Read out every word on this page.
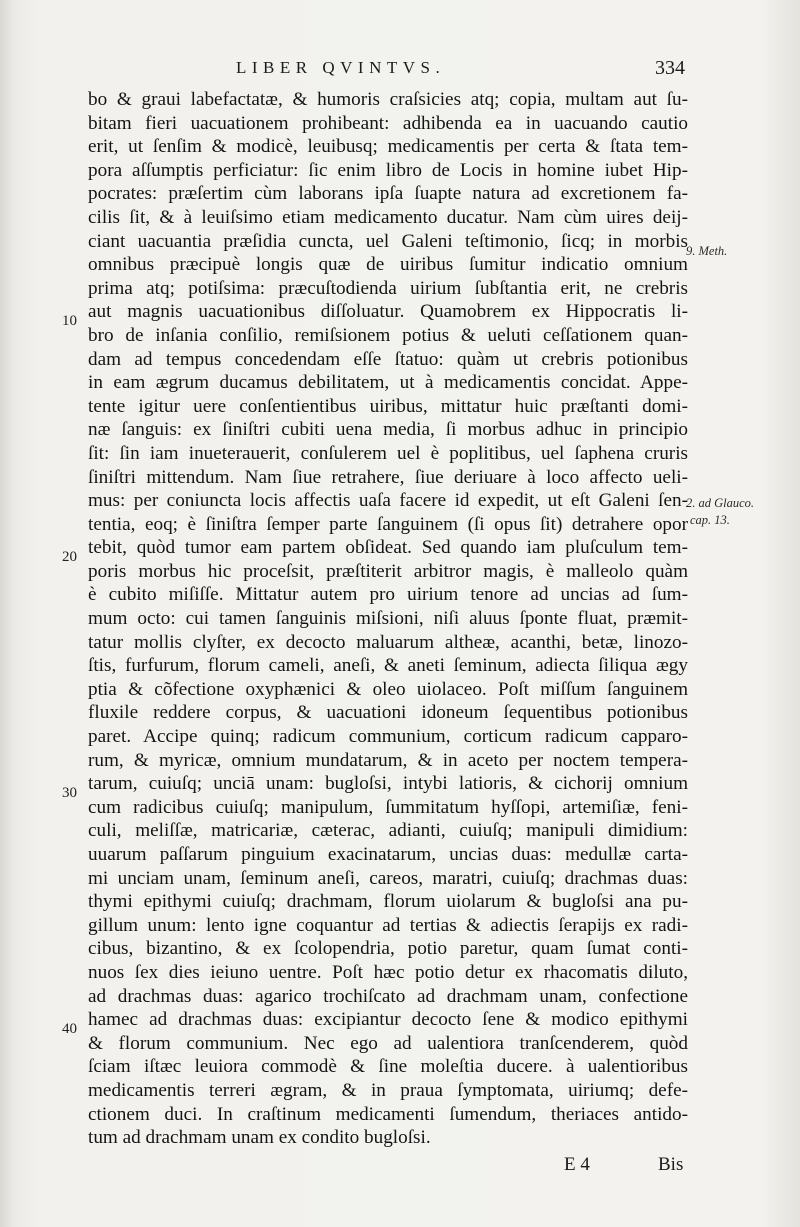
LIBER QVINTVS.	334
bo & graui labefactatæ, & humoris craſsicies atq; copia, multam aut ſu-
bitam fieri uacuationem prohibeant: adhibenda ea in uacuando cautio
erit, ut ſenſim & modicè, leuibusq; medicamentis per certa & ſtata tem-
pora aſſumptis perficiatur: ſic enim libro de Locis in homine iubet Hip-
pocrates: præſertim cùm laborans ipſa ſuapte natura ad excretionem fa-
cilis ſit, & à leuiſsimo etiam medicamento ducatur. Nam cùm uires deij-
ciant uacuantia præſidia cuncta, uel Galeni teſtimonio, ſicq; in morbis
omnibus præcipuè longis quæ de uiribus ſumitur indicatio omnium
prima atq; potiſsima: præcuſtodienda uirium ſubſtantia erit, ne crebris
aut magnis uacuationibus diſſoluatur. Quamobrem ex Hippocratis li-
bro de inſania conſilio, remiſsionem potius & ueluti ceſſationem quan-
dam ad tempus concedendam eſſe ſtatuo: quàm ut crebris potionibus
in eam ægrum ducamus debilitatem, ut à medicamentis concidat. Appe-
tente igitur uere conſentientibus uiribus, mittatur huic præſtanti domi-
næ ſanguis: ex ſiniſtri cubiti uena media, ſi morbus adhuc in principio
ſit: ſin iam inueterauerit, conſulerem uel è poplitibus, uel ſaphena cruris
ſiniſtri mittendum. Nam ſiue retrahere, ſiue deriuare à loco affecto ueli-
mus: per coniuncta locis affectis uaſa facere id expedit, ut eſt Galeni ſen-
tentia, eoq; è ſiniſtra ſemper parte ſanguinem (ſi opus ſit) detrahere opor
tebit, quòd tumor eam partem obſideat. Sed quando iam pluſculum tem-
poris morbus hic proceſsit, præſtiterit arbitror magis, è malleolo quàm
è cubito miſiſſe. Mittatur autem pro uirium tenore ad uncias ad ſum-
mum octo: cui tamen ſanguinis miſsioni, niſi aluus ſponte fluat, præmit-
tatur mollis clyſter, ex decocto maluarum altheæ, acanthi, betæ, linozo-
ſtis, furfurum, florum cameli, aneſi, & aneti ſeminum, adiecta ſiliqua ægy
ptia & cõfectione oxyphænici & oleo uiolaceo. Poſt miſſum ſanguinem
fluxile reddere corpus, & uacuationi idoneum ſequentibus potionibus
paret. Accipe quinq; radicum communium, corticum radicum capparo-
rum, & myricæ, omnium mundatarum, & in aceto per noctem tempera-
tarum, cuiuſq; unciā unam: bugloſsi, intybi latioris, & cichorij omnium
cum radicibus cuiuſq; manipulum, ſummitatum hyſſopi, artemiſiæ, feni-
culi, meliſſæ, matricariæ, cæterac, adianti, cuiuſq; manipuli dimidium:
uuarum paſſarum pinguium exacinatarum, uncias duas: medullæ carta-
mi unciam unam, ſeminum aneſi, careos, maratri, cuiuſq; drachmas duas:
thymi epithymi cuiuſq; drachmam, florum uiolarum & bugloſsi ana pu-
gillum unum: lento igne coquantur ad tertias & adiectis ſerapijs ex radi-
cibus, bizantino, & ex ſcolopendria, potio paretur, quam ſumat conti-
nuos ſex dies ieiuno uentre. Poſt hæc potio detur ex rhacomatis diluto,
ad drachmas duas: agarico trochiſcato ad drachmam unam, confectione
hamec ad drachmas duas: excipiantur decocto ſene & modico epithymi
& florum communium. Nec ego ad ualentiora tranſcenderem, quòd
ſciam iſtæc leuiora commodè & ſine moleſtia ducere. à ualentioribus
medicamentis terreri ægram, & in praua ſymptomata, uiriumq; defe-
ctionem duci. In craſtinum medicamenti ſumendum, theriaces antido-
tum ad drachmam unam ex condito bugloſsi.
10
20
30
40
9. Meth.
2. ad Glauco.
cap. 13.
E 4	Bis
